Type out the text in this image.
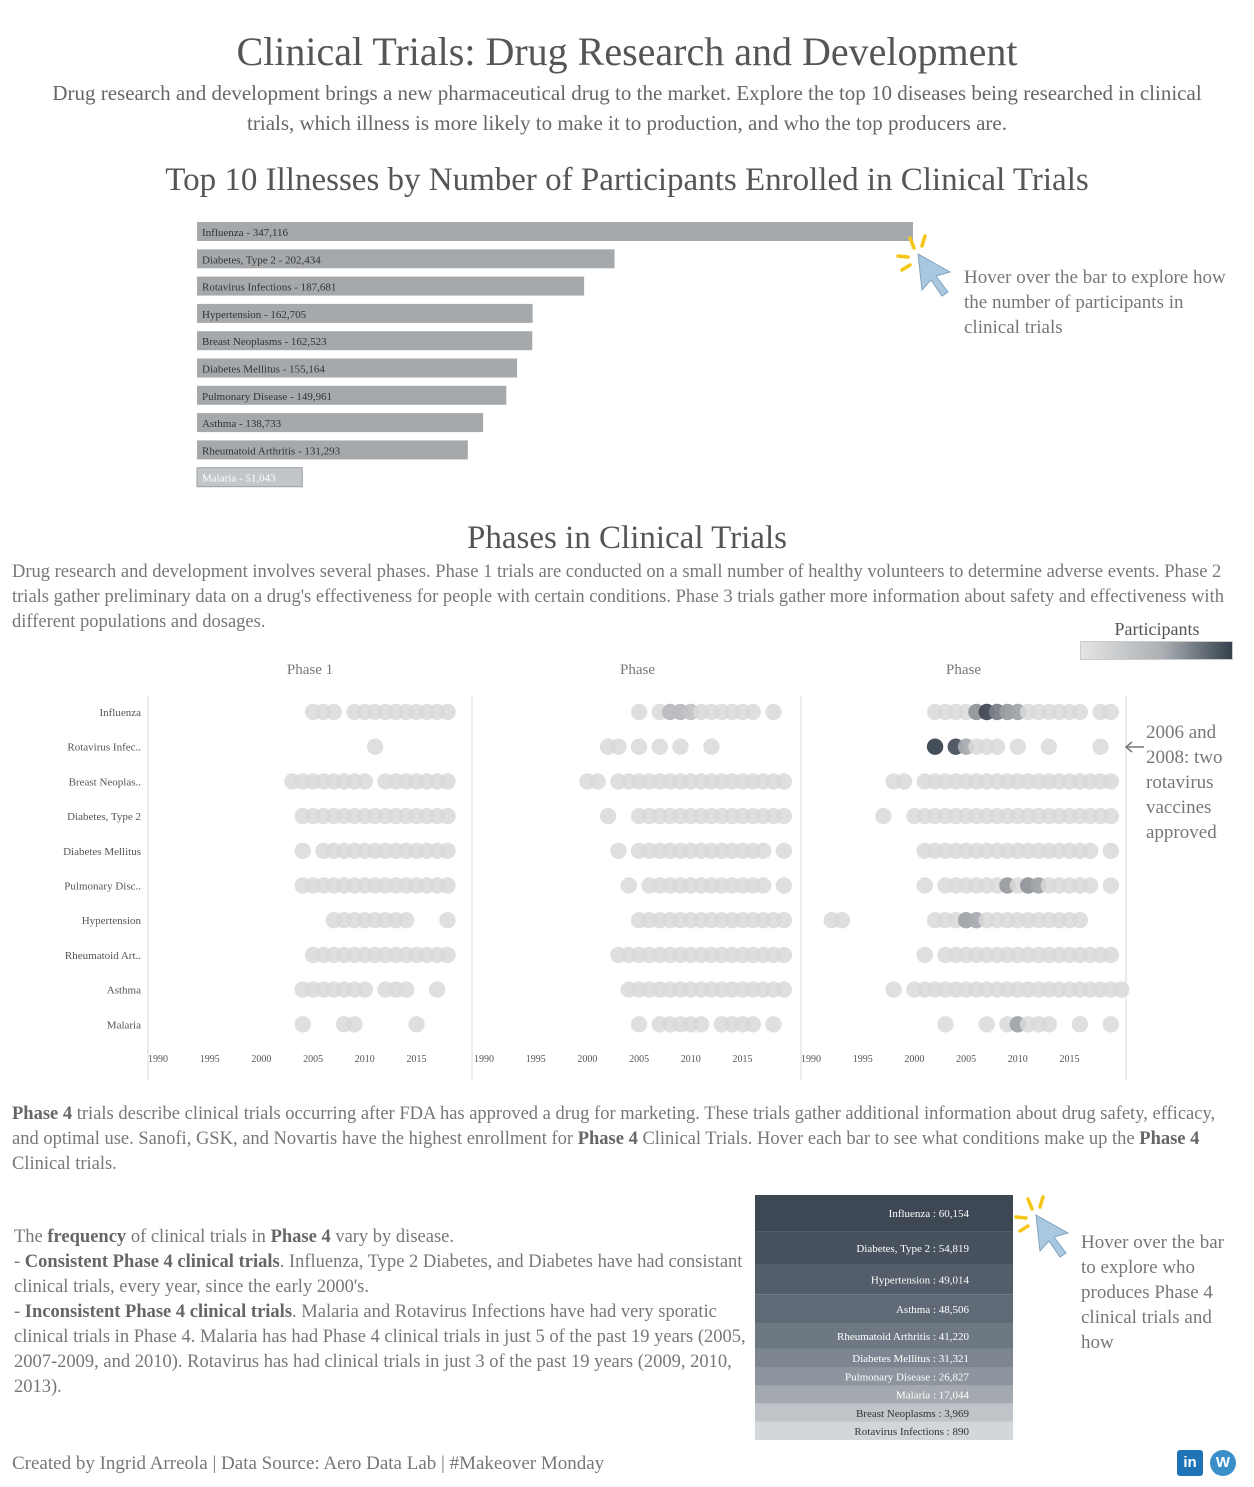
Clinical Trials: Drug Research and Development
Drug research and development brings a new pharmaceutical drug to the market. Explore the top 10 diseases being researched in clinical trials, which illness is more likely to make it to production, and who the top producers are.
Top 10 Illnesses by Number of Participants Enrolled in Clinical Trials
Influenza - 347,116
Diabetes, Type 2 - 202,434
Rotavirus Infections - 187,681
Hypertension - 162,705
Breast Neoplasms - 162,523
Diabetes Mellitus - 155,164
Pulmonary Disease - 149,961
Asthma - 138,733
Rheumatoid Arthritis - 131,293
Malaria - 51,043
Hover over the bar to explore how the number of participants in clinical trials
Phases in Clinical Trials
Drug research and development involves several phases. Phase 1 trials are conducted on a small number of healthy volunteers to determine adverse events. Phase 2 trials gather preliminary data on a drug's effectiveness for people with certain conditions. Phase 3 trials gather more information about safety and effectiveness with different populations and dosages.	Participants
Influenza
Rotavirus Infec..
Breast Neoplas..
Diabetes, Type 2
Diabetes Mellitus
Pulmonary Disc..
Hypertension
Rheumatoid Art..
Asthma
Malaria
Phase 1
1990	1995	2000	2005	2010	2015
Phase
1990	1995	2000	2005	2010	2015
Phase
1990	1995	2000	2005	2010	2015
2006 and 2008: two rotavirus vaccines approved
Phase 4 trials describe clinical trials occurring after FDA has approved a drug for marketing. These trials gather additional information about drug safety, efficacy, and optimal use. Sanofi, GSK, and Novartis have the highest enrollment for Phase 4 Clinical Trials. Hover each bar to see what conditions make up the Phase 4 Clinical trials.
The frequency of clinical trials in Phase 4 vary by disease.
- Consistent Phase 4 clinical trials. Influenza, Type 2 Diabetes, and Diabetes have had consistant clinical trials, every year, since the early 2000's.
- Inconsistent Phase 4 clinical trials. Malaria and Rotavirus Infections have had very sporatic clinical trials in Phase 4. Malaria has had Phase 4 clinical trials in just 5 of the past 19 years (2005, 2007-2009, and 2010). Rotavirus has had clinical trials in just 3 of the past 19 years (2009, 2010, 2013).
Influenza : 60,154
Diabetes, Type 2 : 54,819
Hypertension : 49,014
Asthma : 48,506
Rheumatoid Arthritis : 41,220
Diabetes Mellitus : 31,321
Pulmonary Disease : 26,827
Malaria : 17,044
Breast Neoplasms : 3,969
Rotavirus Infections : 890
Hover over the bar to explore who produces Phase 4 clinical trials and how
Created by Ingrid Arreola | Data Source: Aero Data Lab | #Makeover Monday	in	W
